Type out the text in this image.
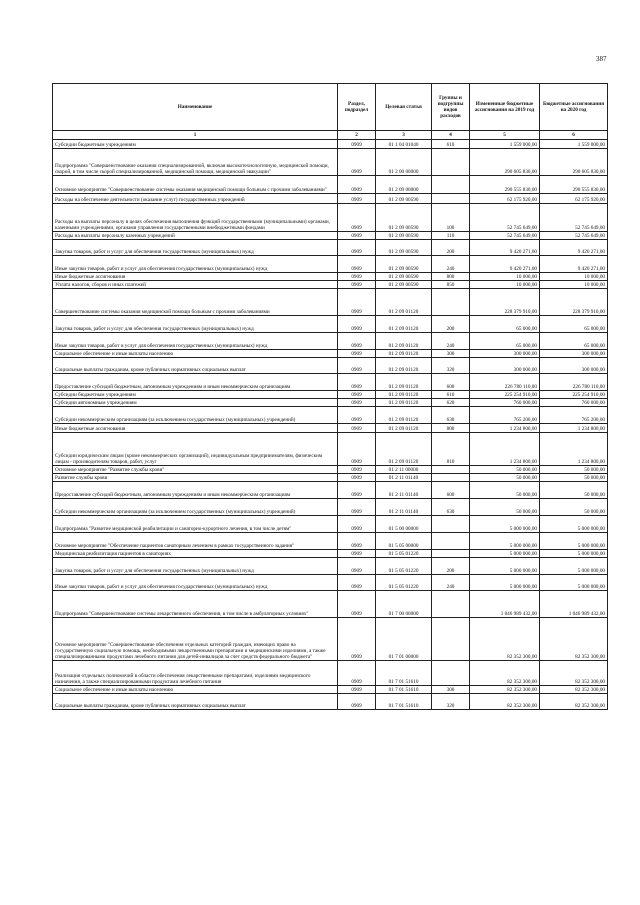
387
Наименование	Раздел, подраздел	Целевая статья	Группы и подгруппы видов расходов	Измененные бюджетные ассигнования на 2019 год	Бюджетные ассигнования на 2020 год
1	2	3	4	5	6
Субсидии бюджетным учреждениям	0909	01 1 04 01040	610	1 559 000,00	1 559 000,00
Подпрограмма "Совершенствование оказания специализированной, включая высокотехнологичную, медицинской помощи, скорой, в том числе скорой специализированной, медицинской помощи, медицинской эвакуации"	0909	01 2 00 00000		290 605 830,00	290 605 830,00
Основное мероприятие "Совершенствование системы оказания медицинской помощи больным с прочими заболеваниями"	0909	01 2 09 00000		290 555 830,00	290 555 830,00
Расходы на обеспечение деятельности (оказание услуг) государственных учреждений	0909	01 2 09 00590		62 175 920,00	62 175 920,00
Расходы на выплаты персоналу в целях обеспечения выполнения функций государственными (муниципальными) органами, казенными учреждениями, органами управления государственными внебюджетными фондами	0909	01 2 09 00590	100	52 745 649,00	52 745 649,00
Расходы на выплаты персоналу казенных учреждений	0909	01 2 09 00590	110	52 745 649,00	52 745 649,00
Закупка товаров, работ и услуг для обеспечения государственных (муниципальных) нужд	0909	01 2 09 00590	200	9 420 271,00	9 420 271,00
Иные закупки товаров, работ и услуг для обеспечения государственных (муниципальных) нужд	0909	01 2 09 00590	240	9 420 271,00	9 420 271,00
Иные бюджетные ассигнования	0909	01 2 09 00590	800	10 000,00	10 000,00
Уплата налогов, сборов и иных платежей	0909	01 2 09 00590	850	10 000,00	10 000,00
Совершенствование системы оказания медицинской помощи больным с прочими заболеваниями	0909	01 2 09 01120		228 379 910,00	228 379 910,00
Закупка товаров, работ и услуг для обеспечения государственных (муниципальных) нужд	0909	01 2 09 01120	200	65 000,00	65 000,00
Иные закупки товаров, работ и услуг для обеспечения государственных (муниципальных) нужд	0909	01 2 09 01120	240	65 000,00	65 000,00
Социальное обеспечение и иные выплаты населению	0909	01 2 09 01120	300	300 000,00	300 000,00
Социальные выплаты гражданам, кроме публичных нормативных социальных выплат	0909	01 2 09 01120	320	300 000,00	300 000,00
Предоставление субсидий бюджетным, автономным учреждениям и иным некоммерческим организациям	0909	01 2 09 01120	600	226 780 110,00	226 780 110,00
Субсидии бюджетным учреждениям	0909	01 2 09 01120	610	225 254 910,00	225 254 910,00
Субсидии автономным учреждениям	0909	01 2 09 01120	620	760 000,00	760 000,00
Субсидии некоммерческим организациям (за исключением государственных (муниципальных) учреждений)	0909	01 2 09 01120	630	765 200,00	765 200,00
Иные бюджетные ассигнования	0909	01 2 09 01120	800	1 234 800,00	1 234 800,00
Субсидии юридическим лицам (кроме некоммерческих организаций), индивидуальным предпринимателям, физическим лицам - производителям товаров, работ, услуг	0909	01 2 09 01120	810	1 234 800,00	1 234 800,00
Основное мероприятие "Развитие службы крови"	0909	01 2 11 00000		50 000,00	50 000,00
Развитие службы крови	0909	01 2 11 01140		50 000,00	50 000,00
Предоставление субсидий бюджетным, автономным учреждениям и иным некоммерческим организациям	0909	01 2 11 01140	600	50 000,00	50 000,00
Субсидии некоммерческим организациям (за исключением государственных (муниципальных) учреждений)	0909	01 2 11 01140	630	50 000,00	50 000,00
Подпрограмма "Развитие медицинской реабилитации и санаторно-курортного лечения, в том числе детям"	0909	01 5 00 00000		5 000 000,00	5 000 000,00
Основное мероприятие "Обеспечение пациентов санаторным лечением в рамках государственного задания"	0909	01 5 05 00000		5 000 000,00	5 000 000,00
Медицинская реабилитация пациентов в санаториях	0909	01 5 05 01220		5 000 000,00	5 000 000,00
Закупка товаров, работ и услуг для обеспечения государственных (муниципальных) нужд	0909	01 5 05 01220	200	5 000 000,00	5 000 000,00
Иные закупки товаров, работ и услуг для обеспечения государственных (муниципальных) нужд	0909	01 5 05 01220	240	5 000 000,00	5 000 000,00
Подпрограмма "Совершенствование системы лекарственного обеспечения, в том числе в амбулаторных условиях"	0909	01 7 00 00000		1 046 989 432,00	1 046 989 432,00
Основное мероприятие "Совершенствование обеспечения отдельных категорий граждан, имеющих право на государственную социальную помощь, необходимыми лекарственными препаратами и медицинскими изделиями, а также специализированными продуктами лечебного питания для детей-инвалидов за счет средств федерального бюджета"	0909	01 7 01 00000		82 352 300,00	82 352 300,00
Реализация отдельных полномочий в области обеспечения лекарственными препаратами, изделиями медицинского назначения, а также специализированными продуктами лечебного питания	0909	01 7 01 51610		82 352 300,00	82 352 300,00
Социальное обеспечение и иные выплаты населению	0909	01 7 01 51610	300	82 352 300,00	82 352 300,00
Социальные выплаты гражданам, кроме публичных нормативных социальных выплат	0909	01 7 01 51610	320	82 352 300,00	82 352 300,00
